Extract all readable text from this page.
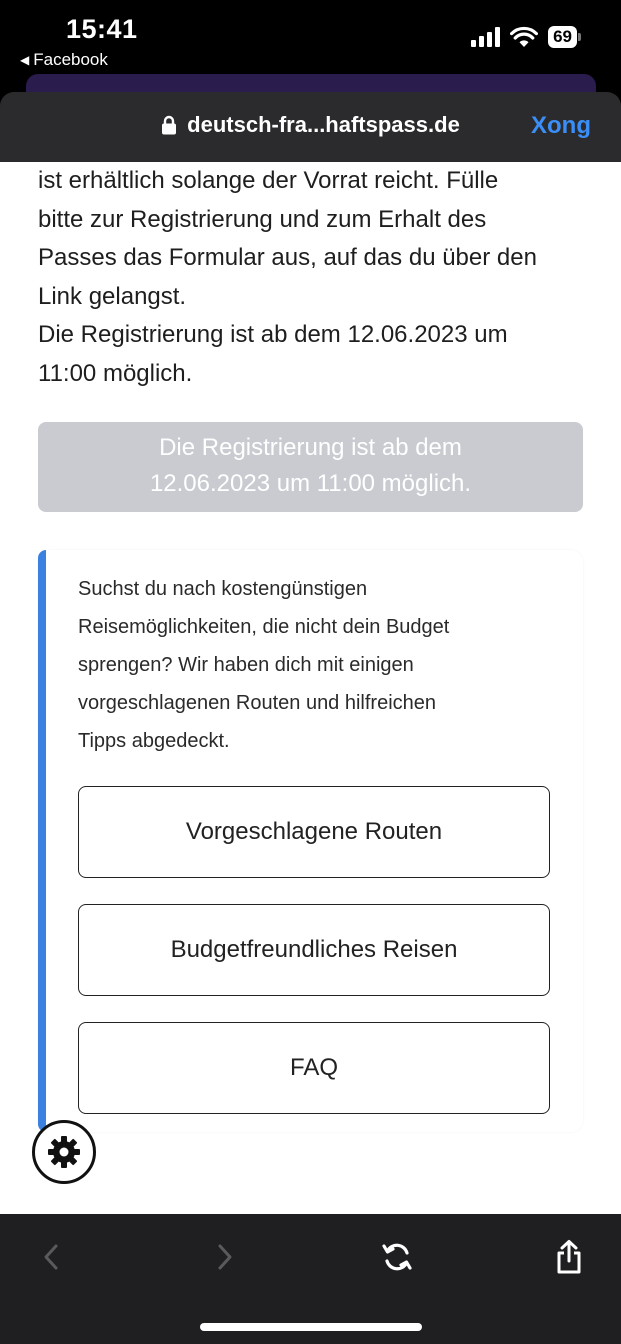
15:41
◀ Facebook
69
deutsch-fra...haftspass.de	Xong
ist erhältlich solange der Vorrat reicht. Fülle
bitte zur Registrierung und zum Erhalt des
Passes das Formular aus, auf das du über den
Link gelangst.
Die Registrierung ist ab dem 12.06.2023 um
11:00 möglich.
Die Registrierung ist ab dem
12.06.2023 um 11:00 möglich.
Suchst du nach kostengünstigen
Reisemöglichkeiten, die nicht dein Budget
sprengen? Wir haben dich mit einigen
vorgeschlagenen Routen und hilfreichen
Tipps abgedeckt.
Vorgeschlagene Routen
Budgetfreundliches Reisen
FAQ
